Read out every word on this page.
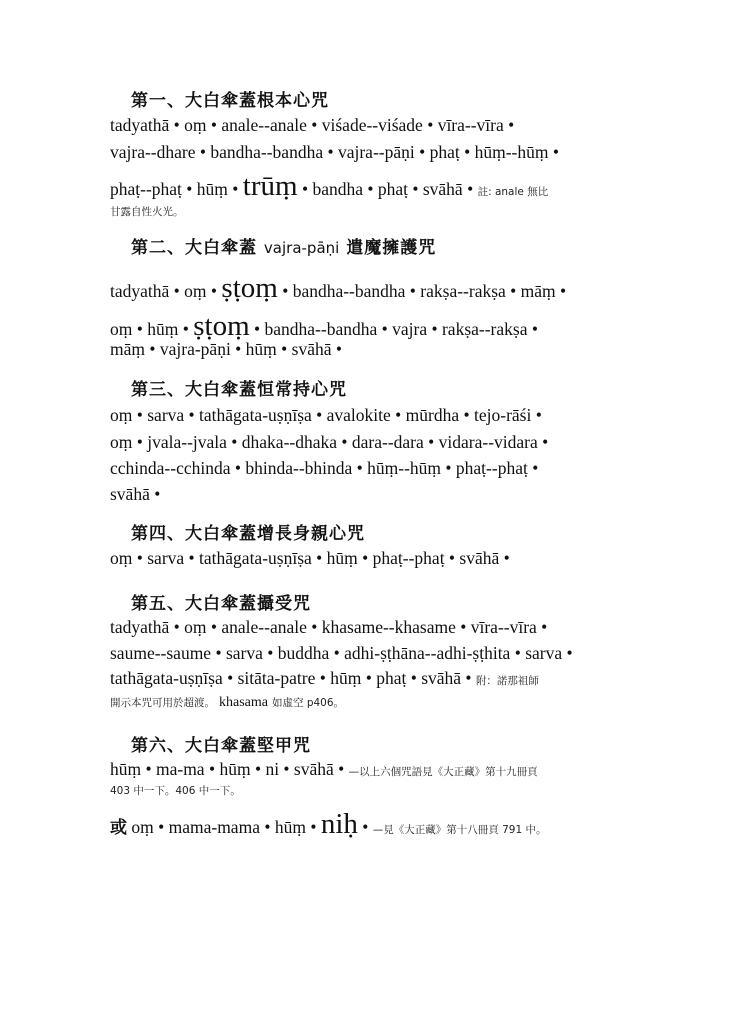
第一、大白傘蓋根本心咒
tadyathā • oṃ • anale--anale • viśade--viśade • vīra--vīra •
vajra--dhare • bandha--bandha • vajra--pāṇi • phaṭ • hūṃ--hūṃ •
phaṭ--phaṭ • hūṃ • trūṃ • bandha • phaṭ • svāhā • 註: anale 無比
甘露自性火光。
第二、大白傘蓋 vajra-pāṇi 遣魔擁護咒
tadyathā • oṃ • ṣṭoṃ • bandha--bandha • rakṣa--rakṣa • māṃ •
oṃ • hūṃ • ṣṭoṃ • bandha--bandha • vajra • rakṣa--rakṣa •
māṃ • vajra-pāṇi • hūṃ • svāhā •
第三、大白傘蓋恒常持心咒
oṃ • sarva • tathāgata-uṣṇīṣa • avalokite • mūrdha • tejo-rāśi •
oṃ • jvala--jvala • dhaka--dhaka • dara--dara • vidara--vidara •
cchinda--cchinda • bhinda--bhinda • hūṃ--hūṃ • phaṭ--phaṭ •
svāhā •
第四、大白傘蓋增長身親心咒
oṃ • sarva • tathāgata-uṣṇīṣa • hūṃ • phaṭ--phaṭ • svāhā •
第五、大白傘蓋攝受咒
tadyathā • oṃ • anale--anale • khasame--khasame • vīra--vīra •
saume--saume • sarva • buddha • adhi-ṣṭhāna--adhi-ṣṭhita • sarva •
tathāgata-uṣṇīṣa • sitāta-patre • hūṃ • phaṭ • svāhā • 附：諾那祖師
開示本咒可用於超渡。 khasama 如虛空 p406。
第六、大白傘蓋堅甲咒
hūṃ • ma-ma • hūṃ • ni • svāhā • —以上六個咒語見《大正藏》第十九冊頁
403 中一下。406 中一下。
或 oṃ • mama-mama • hūṃ • niḥ • —見《大正藏》第十八冊頁 791 中。
